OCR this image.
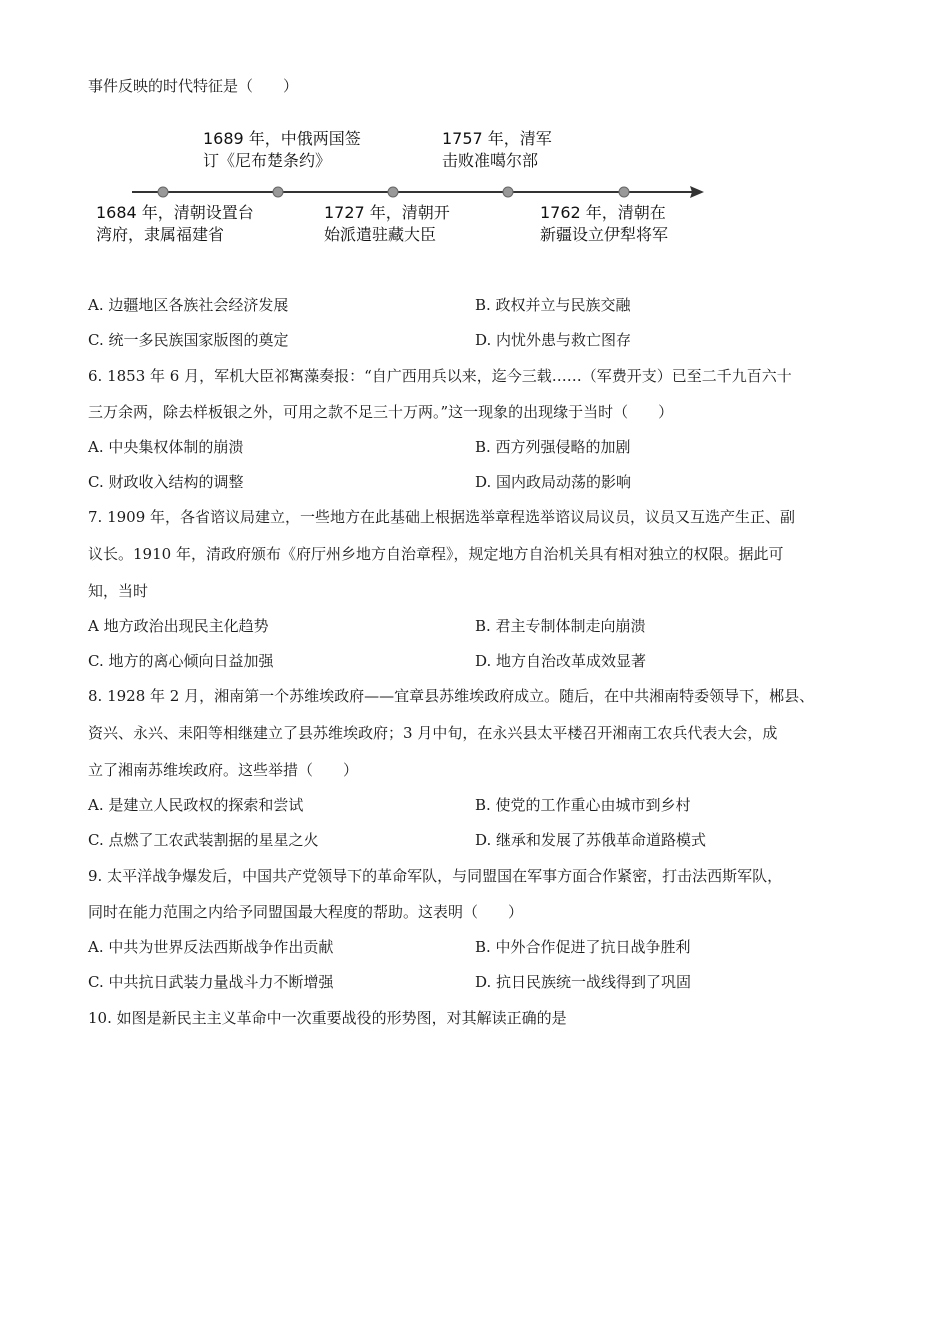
事件反映的时代特征是（　　）
1689 年，中俄两国签
订《尼布楚条约》
1757 年，清军
击败准噶尔部
1684 年，清朝设置台
湾府，隶属福建省
1727 年，清朝开
始派遣驻藏大臣
1762 年，清朝在
新疆设立伊犁将军
A. 边疆地区各族社会经济发展	B. 政权并立与民族交融
C. 统一多民族国家版图的奠定	D. 内忧外患与救亡图存
6. 1853 年 6 月，军机大臣祁寯藻奏报：“自广西用兵以来，迄今三载……（军费开支）已至二千九百六十
三万余两，除去样板银之外，可用之款不足三十万两。”这一现象的出现缘于当时（　　）
A. 中央集权体制的崩溃	B. 西方列强侵略的加剧
C. 财政收入结构的调整	D. 国内政局动荡的影响
7. 1909 年，各省谘议局建立，一些地方在此基础上根据选举章程选举谘议局议员，议员又互选产生正、副
议长。1910 年，清政府颁布《府厅州乡地方自治章程》，规定地方自治机关具有相对独立的权限。据此可
知，当时
A 地方政治出现民主化趋势	B. 君主专制体制走向崩溃
C. 地方的离心倾向日益加强	D. 地方自治改革成效显著
8. 1928 年 2 月，湘南第一个苏维埃政府——宜章县苏维埃政府成立。随后，在中共湘南特委领导下，郴县、
资兴、永兴、耒阳等相继建立了县苏维埃政府；3 月中旬，在永兴县太平楼召开湘南工农兵代表大会，成
立了湘南苏维埃政府。这些举措（　　）
A. 是建立人民政权的探索和尝试	B. 使党的工作重心由城市到乡村
C. 点燃了工农武装割据的星星之火	D. 继承和发展了苏俄革命道路模式
9. 太平洋战争爆发后，中国共产党领导下的革命军队，与同盟国在军事方面合作紧密，打击法西斯军队，
同时在能力范围之内给予同盟国最大程度的帮助。这表明（　　）
A. 中共为世界反法西斯战争作出贡献	B. 中外合作促进了抗日战争胜利
C. 中共抗日武装力量战斗力不断增强	D. 抗日民族统一战线得到了巩固
10. 如图是新民主主义革命中一次重要战役的形势图，对其解读正确的是
